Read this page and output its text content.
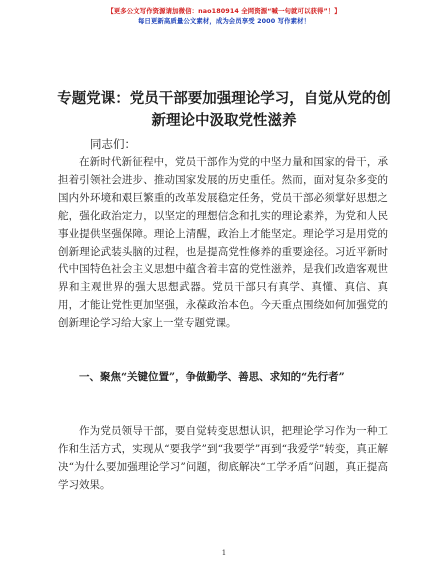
【更多公文写作资源请加微信：nao180914 全网资源“喊一句就可以获得”！】
每日更新高质量公文素材，成为会员享受 2000 写作素材！
专题党课：党员干部要加强理论学习，自觉从党的创新理论中汲取党性滋养
同志们：

在新时代新征程中，党员干部作为党的中坚力量和国家的骨干，承担着引领社会进步、推动国家发展的历史重任。然而，面对复杂多变的国内外环境和艰巨繁重的改革发展稳定任务，党员干部必须掌好思想之舵，强化政治定力，以坚定的理想信念和扎实的理论素养，为党和人民事业提供坚强保障。理论上清醒，政治上才能坚定。理论学习是用党的创新理论武装头脑的过程，也是提高党性修养的重要途径。习近平新时代中国特色社会主义思想中蕴含着丰富的党性滋养，是我们改造客观世界和主观世界的强大思想武器。党员干部只有真学、真懂、真信、真用，才能让党性更加坚强，永葆政治本色。今天重点围绕如何加强党的创新理论学习给大家上一堂专题党课。

一、聚焦“关键位置”，争做勤学、善思、求知的“先行者”

作为党员领导干部，要自觉转变思想认识，把理论学习作为一种工作和生活方式，实现从“要我学”到“我要学”再到“我爱学”转变，真正解决“为什么要加强理论学习”问题，彻底解决“工学矛盾”问题，真正提高学习效果。

1
